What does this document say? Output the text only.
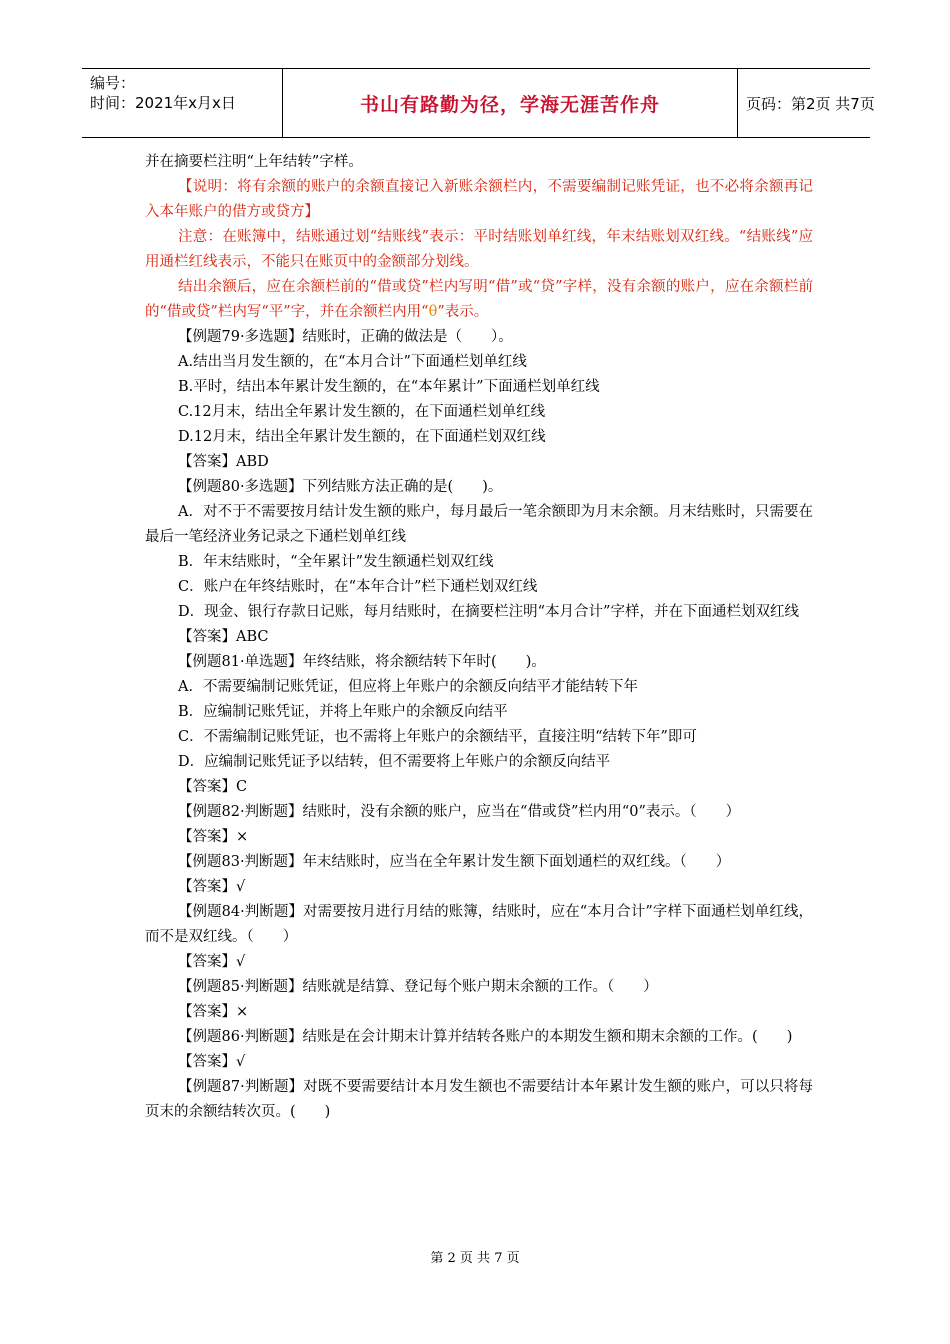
编号：
时间：2021年x月x日	书山有路勤为径，学海无涯苦作舟	页码：第2页 共7页

并在摘要栏注明“上年结转”字样。

【说明：将有余额的账户的余额直接记入新账余额栏内，不需要编制记账凭证，也不必将余额再记入本年账户的借方或贷方】

注意：在账簿中，结账通过划“结账线”表示：平时结账划单红线，年末结账划双红线。“结账线”应用通栏红线表示，不能只在账页中的金额部分划线。

结出余额后，应在余额栏前的“借或贷”栏内写明“借”或“贷”字样，没有余额的账户，应在余额栏前的“借或贷”栏内写“平”字，并在余额栏内用“θ”表示。

【例题79·多选题】结账时，正确的做法是（　　）。

A.结出当月发生额的，在“本月合计”下面通栏划单红线

B.平时，结出本年累计发生额的，在“本年累计”下面通栏划单红线

C.12月末，结出全年累计发生额的，在下面通栏划单红线

D.12月末，结出全年累计发生额的，在下面通栏划双红线

【答案】ABD

【例题80·多选题】下列结账方法正确的是(　　)。

A．对不于不需要按月结计发生额的账户，每月最后一笔余额即为月末余额。月末结账时，只需要在最后一笔经济业务记录之下通栏划单红线

B．年末结账时，“全年累计”发生额通栏划双红线

C．账户在年终结账时，在“本年合计”栏下通栏划双红线

D．现金、银行存款日记账，每月结账时，在摘要栏注明“本月合计”字样，并在下面通栏划双红线

【答案】ABC

【例题81·单选题】年终结账，将余额结转下年时(　　)。

A．不需要编制记账凭证，但应将上年账户的余额反向结平才能结转下年

B．应编制记账凭证，并将上年账户的余额反向结平

C．不需编制记账凭证，也不需将上年账户的余额结平，直接注明“结转下年”即可

D．应编制记账凭证予以结转，但不需要将上年账户的余额反向结平

【答案】C

【例题82·判断题】结账时，没有余额的账户，应当在“借或贷”栏内用“0”表示。（　　）

【答案】×

【例题83·判断题】年末结账时，应当在全年累计发生额下面划通栏的双红线。（　　）

【答案】√

【例题84·判断题】对需要按月进行月结的账簿，结账时，应在“本月合计”字样下面通栏划单红线，而不是双红线。（　　）

【答案】√

【例题85·判断题】结账就是结算、登记每个账户期末余额的工作。（　　）

【答案】×

【例题86·判断题】结账是在会计期末计算并结转各账户的本期发生额和期末余额的工作。(　　)

【答案】√

【例题87·判断题】对既不要需要结计本月发生额也不需要结计本年累计发生额的账户，可以只将每页末的余额结转次页。(　　)

第 2 页 共 7 页
